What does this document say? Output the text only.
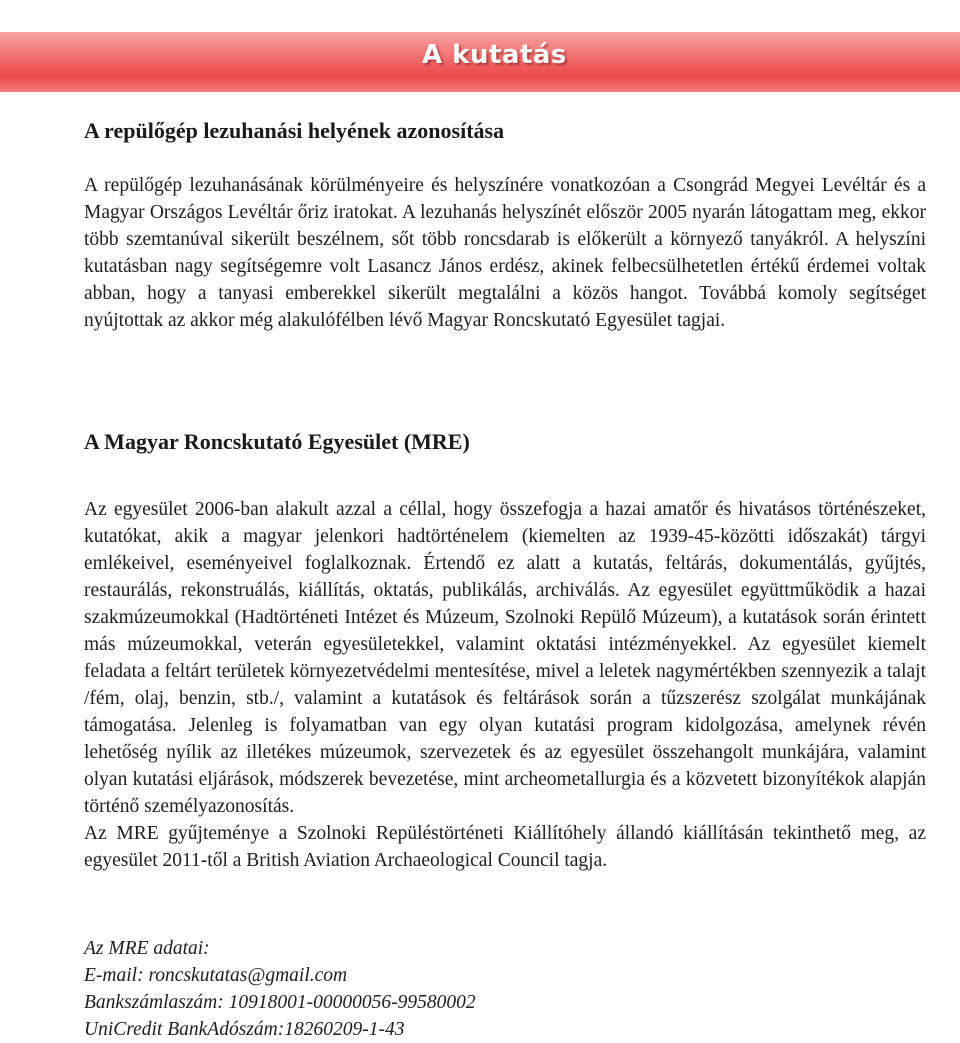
A kutatás
A repülőgép lezuhanási helyének azonosítása

A repülőgép lezuhanásának körülményeire és helyszínére vonatkozóan a Csongrád Megyei Levéltár és a Magyar Országos Levéltár őriz iratokat. A lezuhanás helyszínét először 2005 nyarán látogattam meg, ekkor több szemtanúval sikerült beszélnem, sőt több roncsdarab is előkerült a környező tanyákról. A helyszíni kutatásban nagy segítségemre volt Lasancz János erdész, akinek felbecsülhetetlen értékű érdemei voltak abban, hogy a tanyasi emberekkel sikerült megtalálni a közös hangot. Továbbá komoly segítséget nyújtottak az akkor még alakulófélben lévő Magyar Roncskutató Egyesület tagjai.

A Magyar Roncskutató Egyesület (MRE)

Az egyesület 2006-ban alakult azzal a céllal, hogy összefogja a hazai amatőr és hivatásos történészeket, kutatókat, akik a magyar jelenkori hadtörténelem (kiemelten az 1939-45-közötti időszakát) tárgyi emlékeivel, eseményeivel foglalkoznak. Értendő ez alatt a kutatás, feltárás, dokumentálás, gyűjtés, restaurálás, rekonstruálás, kiállítás, oktatás, publikálás, archiválás. Az egyesület együttműködik a hazai szakmúzeumokkal (Hadtörténeti Intézet és Múzeum, Szolnoki Repülő Múzeum), a kutatások során érintett más múzeumokkal, veterán egyesületekkel, valamint oktatási intézményekkel. Az egyesület kiemelt feladata a feltárt területek környezetvédelmi mentesítése, mivel a leletek nagymértékben szennyezik a talajt /fém, olaj, benzin, stb./, valamint a kutatások és feltárások során a tűzszerész szolgálat munkájának támogatása. Jelenleg is folyamatban van egy olyan kutatási program kidolgozása, amelynek révén lehetőség nyílik az illetékes múzeumok, szervezetek és az egyesület összehangolt munkájára, valamint olyan kutatási eljárások, módszerek bevezetése, mint archeometallurgia és a közvetett bizonyítékok alapján történő személyazonosítás.

Az MRE gyűjteménye a Szolnoki Repüléstörténeti Kiállítóhely állandó kiállításán tekinthető meg, az egyesület 2011-től a British Aviation Archaeological Council tagja.

Az MRE adatai:
E-mail: roncskutatas@gmail.com
Bankszámlaszám: 10918001-00000056-99580002
UniCredit BankAdószám:18260209-1-43
